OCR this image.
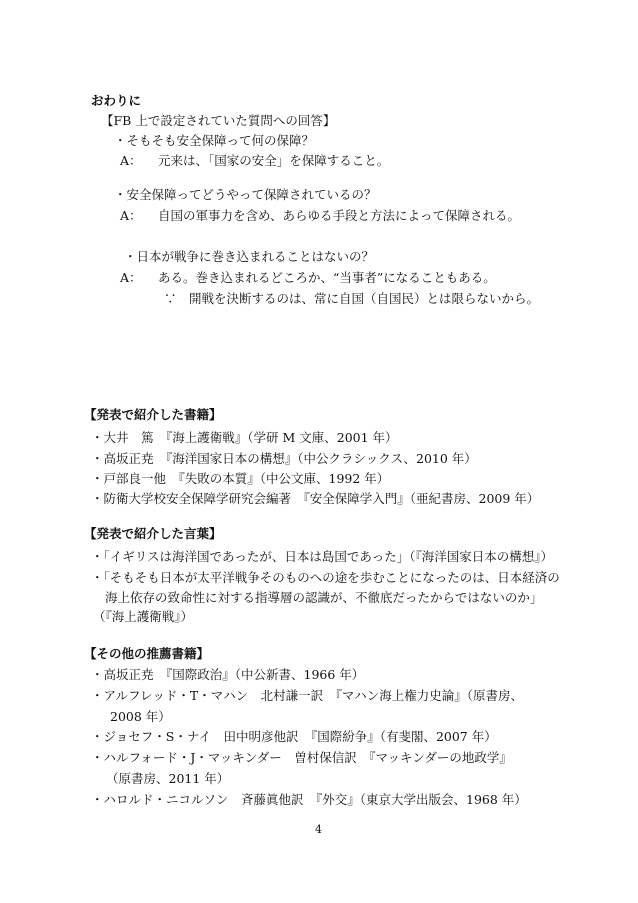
おわりに
【FB 上で設定されていた質問への回答】
・そもそも安全保障って何の保障？
A： 元来は、「国家の安全」を保障すること。
・安全保障ってどうやって保障されているの？
A： 自国の軍事力を含め、あらゆる手段と方法によって保障される。
・日本が戦争に巻き込まれることはないの？
A： ある。巻き込まれるどころか、“当事者”になることもある。
∵　開戦を決断するのは、常に自国（自国民）とは限らないから。
【発表で紹介した書籍】
・大井　篤　『海上護衛戦』（学研 M 文庫、2001 年）
・高坂正尭　『海洋国家日本の構想』（中公クラシックス、2010 年）
・戸部良一他　『失敗の本質』（中公文庫、1992 年）
・防衛大学校安全保障学研究会編著　『安全保障学入門』（亜紀書房、2009 年）
【発表で紹介した言葉】
・「イギリスは海洋国であったが、日本は島国であった」（『海洋国家日本の構想』）
・「そもそも日本が太平洋戦争そのものへの途を歩むことになったのは、日本経済の
海上依存の致命性に対する指導層の認識が、不徹底だったからではないのか」
（『海上護衛戦』）
【その他の推薦書籍】
・高坂正尭　『国際政治』（中公新書、1966 年）
・アルフレッド・T・マハン　北村謙一訳　『マハン海上権力史論』（原書房、
2008 年）
・ジョセフ・S・ナイ　田中明彦他訳　『国際紛争』（有斐閣、2007 年）
・ハルフォード・J・マッキンダー　曽村保信訳　『マッキンダーの地政学』
（原書房、2011 年）
・ハロルド・ニコルソン　斉藤眞他訳　『外交』（東京大学出版会、1968 年）
4
